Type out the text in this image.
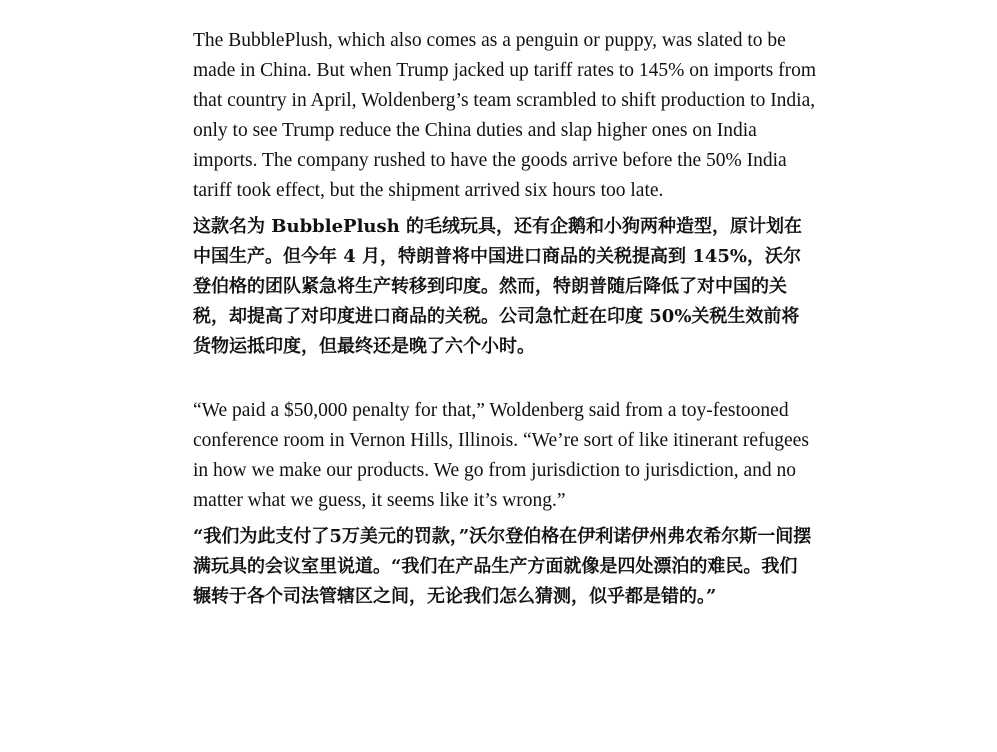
The BubblePlush, which also comes as a penguin or puppy, was slated to be made in China. But when Trump jacked up tariff rates to 145% on imports from that country in April, Woldenberg’s team scrambled to shift production to India, only to see Trump reduce the China duties and slap higher ones on India imports. The company rushed to have the goods arrive before the 50% India tariff took effect, but the shipment arrived six hours too late.

这款名为 BubblePlush 的毛绒玩具，还有企鹅和小狗两种造型，原计划在中国生产。但今年 4 月，特朗普将中国进口商品的关税提高到 145%，沃尔登伯格的团队紧急将生产转移到印度。然而，特朗普随后降低了对中国的关税，却提高了对印度进口商品的关税。公司急忙赶在印度 50%关税生效前将货物运抵印度，但最终还是晚了六个小时。

“We paid a $50,000 penalty for that,” Woldenberg said from a toy-festooned conference room in Vernon Hills, Illinois. “We’re sort of like itinerant refugees in how we make our products. We go from jurisdiction to jurisdiction, and no matter what we guess, it seems like it’s wrong.”

“我们为此支付了5万美元的罚款，”沃尔登伯格在伊利诺伊州弗农希尔斯一间摆满玩具的会议室里说道。“我们在产品生产方面就像是四处漂泊的难民。我们辗转于各个司法管辖区之间，无论我们怎么猜测，似乎都是错的。”
